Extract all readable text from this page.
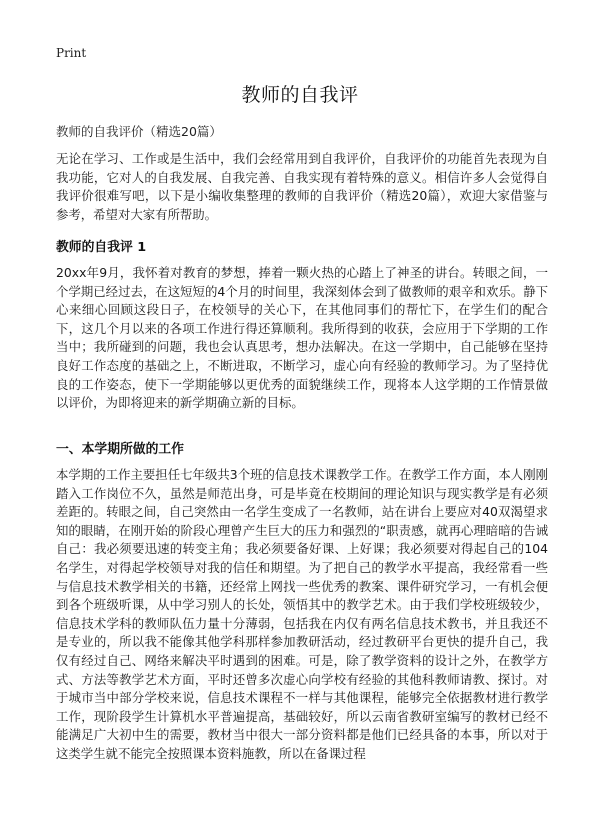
Print
教师的自我评
教师的自我评价（精选20篇）

无论在学习、工作或是生活中，我们会经常用到自我评价，自我评价的功能首先表现为自我功能，它对人的自我发展、自我完善、自我实现有着特殊的意义。相信许多人会觉得自我评价很难写吧，以下是小编收集整理的教师的自我评价（精选20篇），欢迎大家借鉴与参考，希望对大家有所帮助。

教师的自我评 1

20xx年9月，我怀着对教育的梦想，捧着一颗火热的心踏上了神圣的讲台。转眼之间，一个学期已经过去，在这短短的4个月的时间里，我深刻体会到了做教师的艰辛和欢乐。静下心来细心回顾这段日子，在校领导的关心下，在其他同事们的帮忙下，在学生们的配合下，这几个月以来的各项工作进行得还算顺利。我所得到的收获，会应用于下学期的工作当中；我所碰到的问题，我也会认真思考，想办法解决。在这一学期中，自己能够在坚持良好工作态度的基础之上，不断进取，不断学习，虚心向有经验的教师学习。为了坚持优良的工作姿态，使下一学期能够以更优秀的面貌继续工作，现将本人这学期的工作情景做以评价，为即将迎来的新学期确立新的目标。

一、本学期所做的工作

本学期的工作主要担任七年级共3个班的信息技术课教学工作。在教学工作方面，本人刚刚踏入工作岗位不久，虽然是师范出身，可是毕竟在校期间的理论知识与现实教学是有必须差距的。转眼之间，自己突然由一名学生变成了一名教师，站在讲台上要应对40双渴望求知的眼睛，在刚开始的阶段心理曾产生巨大的压力和强烈的“职责感，就再心理暗暗的告诫自己：我必须要迅速的转变主角；我必须要备好课、上好课；我必须要对得起自己的104名学生，对得起学校领导对我的信任和期望。为了把自己的教学水平提高，我经常看一些与信息技术教学相关的书籍，还经常上网找一些优秀的教案、课件研究学习，一有机会便到各个班级听课，从中学习别人的长处，领悟其中的教学艺术。由于我们学校班级较少，信息技术学科的教师队伍力量十分薄弱，包括我在内仅有两名信息技术教书，并且我还不是专业的，所以我不能像其他学科那样参加教研活动，经过教研平台更快的提升自己，我仅有经过自己、网络来解决平时遇到的困难。可是，除了教学资料的设计之外，在教学方式、方法等教学艺术方面，平时还曾多次虚心向学校有经验的其他科教师请教、探讨。对于城市当中部分学校来说，信息技术课程不一样与其他课程，能够完全依据教材进行教学工作，现阶段学生计算机水平普遍提高，基础较好，所以云南省教研室编写的教材已经不能满足广大初中生的需要，教材当中很大一部分资料都是他们已经具备的本事，所以对于这类学生就不能完全按照课本资料施教，所以在备课过程
